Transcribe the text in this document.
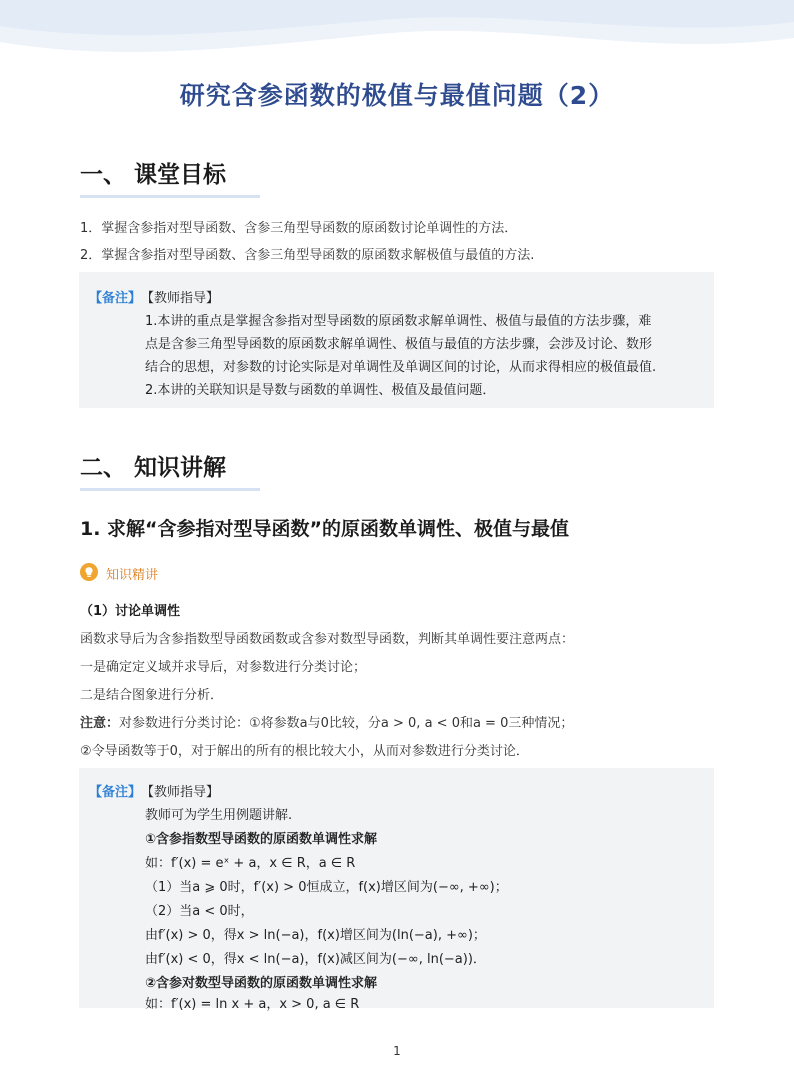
研究含参函数的极值与最值问题（2）
一、 课堂目标
1．掌握含参指对型导函数、含参三角型导函数的原函数讨论单调性的方法．
2．掌握含参指对型导函数、含参三角型导函数的原函数求解极值与最值的方法.
【备注】 【教师指导】
1.本讲的重点是掌握含参指对型导函数的原函数求解单调性、极值与最值的方法步骤，难
点是含参三角型导函数的原函数求解单调性、极值与最值的方法步骤，会涉及讨论、数形
结合的思想，对参数的讨论实际是对单调性及单调区间的讨论，从而求得相应的极值最值.
2.本讲的关联知识是导数与函数的单调性、极值及最值问题．
二、 知识讲解
1. 求解“含参指对型导函数”的原函数单调性、极值与最值
知识精讲
（1）讨论单调性
函数求导后为含参指数型导函数函数或含参对数型导函数，判断其单调性要注意两点：
一是确定定义域并求导后，对参数进行分类讨论；
二是结合图象进行分析．
注意：对参数进行分类讨论：①将参数a与0比较，分a > 0, a < 0和a = 0三种情况；
②令导函数等于0，对于解出的所有的根比较大小，从而对参数进行分类讨论．
【备注】 【教师指导】
教师可为学生用例题讲解.
①含参指数型导函数的原函数单调性求解
如：f′(x) = eˣ + a，x ∈ R，a ∈ R
（1）当a ⩾ 0时，f′(x) > 0恒成立，f(x)增区间为(−∞, +∞)；
（2）当a < 0时，
由f′(x) > 0，得x > ln(−a)，f(x)增区间为(ln(−a), +∞)；
由f′(x) < 0，得x < ln(−a)，f(x)减区间为(−∞, ln(−a))．
②含参对数型导函数的原函数单调性求解
如：f′(x) = ln x + a，x > 0, a ∈ R
1
